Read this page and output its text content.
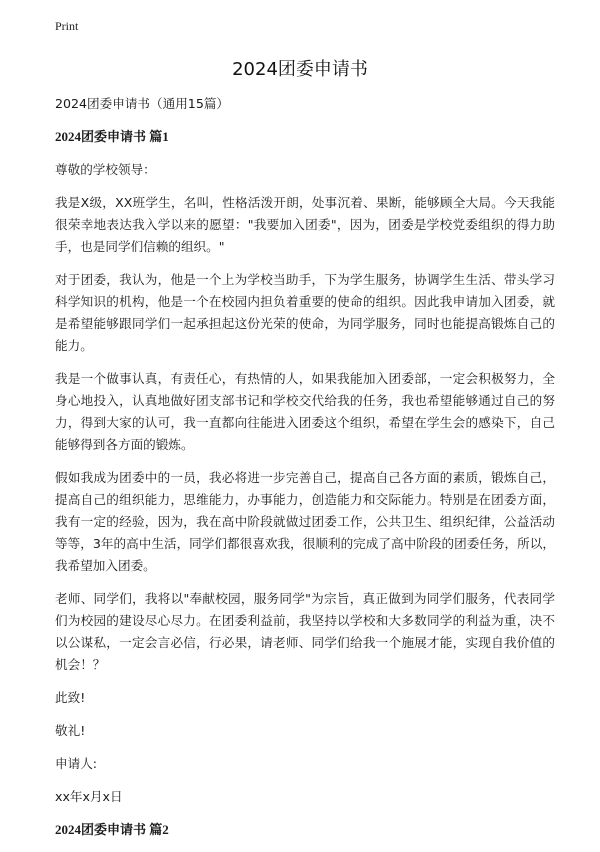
Print
2024团委申请书

2024团委申请书（通用15篇）

2024团委申请书 篇1

尊敬的学校领导：

我是X级，XX班学生，名叫，性格活泼开朗，处事沉着、果断，能够顾全大局。今天我能很荣幸地表达我入学以来的愿望："我要加入团委"，因为，团委是学校党委组织的得力助手，也是同学们信赖的组织。"

对于团委，我认为，他是一个上为学校当助手，下为学生服务，协调学生生活、带头学习科学知识的机构，他是一个在校园内担负着重要的使命的组织。因此我申请加入团委，就是希望能够跟同学们一起承担起这份光荣的使命，为同学服务，同时也能提高锻炼自己的能力。

我是一个做事认真，有责任心，有热情的人，如果我能加入团委部，一定会积极努力，全身心地投入，认真地做好团支部书记和学校交代给我的任务，我也希望能够通过自己的努力，得到大家的认可，我一直都向往能进入团委这个组织，希望在学生会的感染下，自己能够得到各方面的锻炼。

假如我成为团委中的一员，我必将进一步完善自己，提高自己各方面的素质，锻炼自己，提高自己的组织能力，思维能力，办事能力，创造能力和交际能力。特别是在团委方面，我有一定的经验，因为，我在高中阶段就做过团委工作，公共卫生、组织纪律，公益活动等等，3年的高中生活，同学们都很喜欢我，很顺利的完成了高中阶段的团委任务，所以，我希望加入团委。

老师、同学们，我将以"奉献校园，服务同学"为宗旨，真正做到为同学们服务，代表同学们为校园的建设尽心尽力。在团委利益前，我坚持以学校和大多数同学的利益为重，决不以公谋私，一定会言必信，行必果，请老师、同学们给我一个施展才能，实现自我价值的机会！？

此致!

敬礼!

申请人:

xx年x月x日

2024团委申请书 篇2
